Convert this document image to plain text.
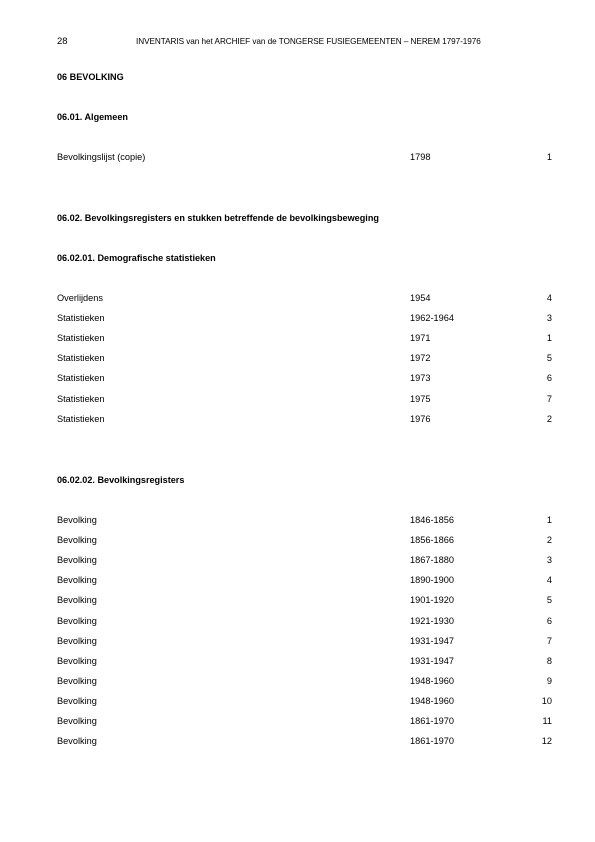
28	INVENTARIS van het ARCHIEF van de TONGERSE FUSIEGEMEENTEN – NEREM 1797-1976
06 BEVOLKING
06.01. Algemeen
Bevolkingslijst (copie)	1798	1
06.02. Bevolkingsregisters en stukken betreffende de bevolkingsbeweging
06.02.01. Demografische statistieken
Overlijdens	1954	4
Statistieken	1962-1964	3
Statistieken	1971	1
Statistieken	1972	5
Statistieken	1973	6
Statistieken	1975	7
Statistieken	1976	2
06.02.02. Bevolkingsregisters
Bevolking	1846-1856	1
Bevolking	1856-1866	2
Bevolking	1867-1880	3
Bevolking	1890-1900	4
Bevolking	1901-1920	5
Bevolking	1921-1930	6
Bevolking	1931-1947	7
Bevolking	1931-1947	8
Bevolking	1948-1960	9
Bevolking	1948-1960	10
Bevolking	1861-1970	11
Bevolking	1861-1970	12
